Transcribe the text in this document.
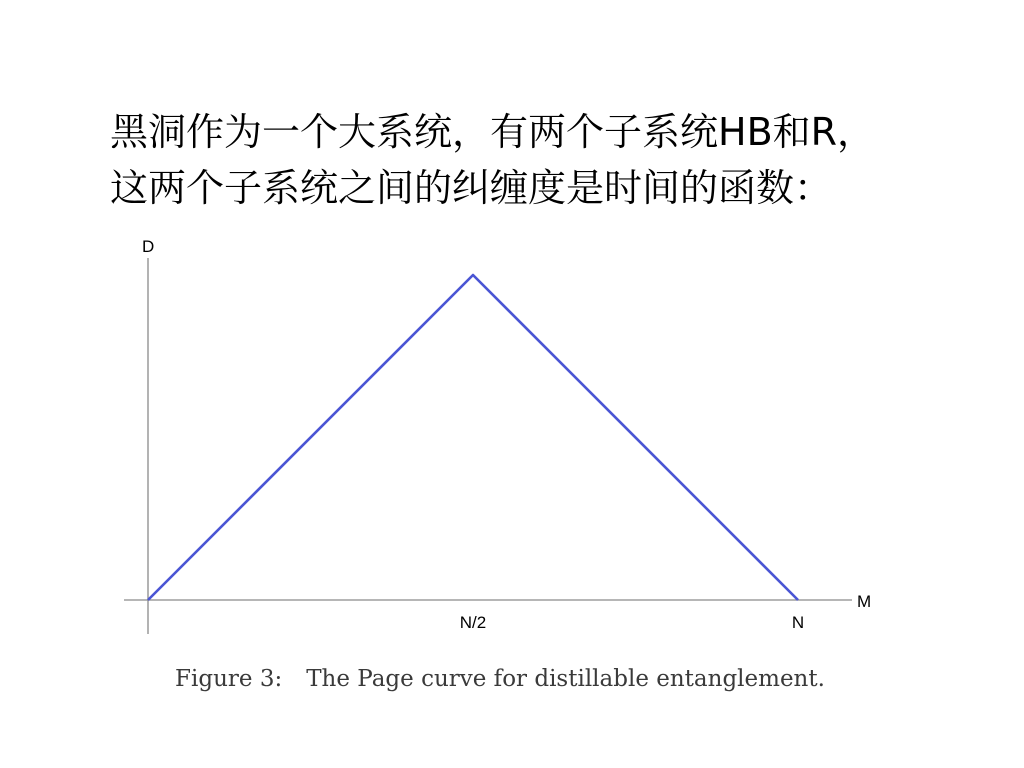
黑洞作为一个大系统，有两个子系统HB和R，
这两个子系统之间的纠缠度是时间的函数：
D
M
N/2	N
Figure 3: The Page curve for distillable entanglement.
